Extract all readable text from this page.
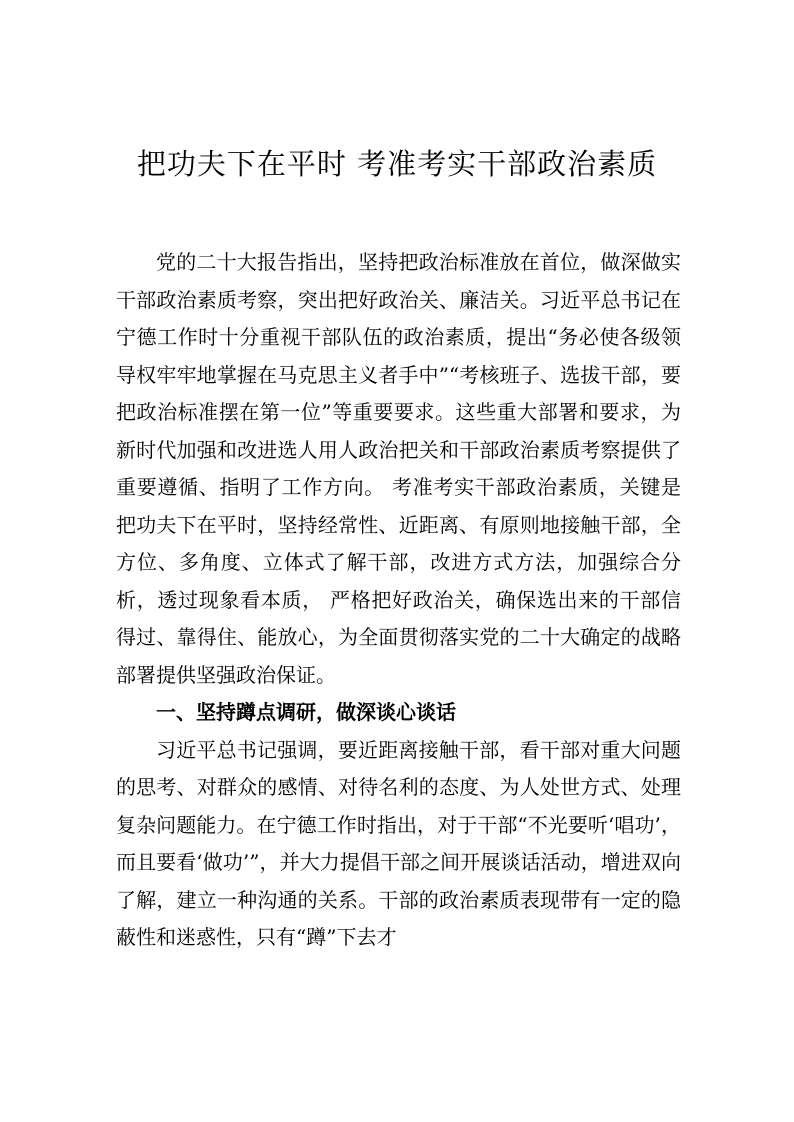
把功夫下在平时 考准考实干部政治素质

党的二十大报告指出，坚持把政治标准放在首位，做深做实干部政治素质考察，突出把好政治关、廉洁关。习近平总书记在宁德工作时十分重视干部队伍的政治素质，提出“务必使各级领导权牢牢地掌握在马克思主义者手中”“考核班子、选拔干部，要把政治标准摆在第一位”等重要要求。这些重大部署和要求，为新时代加强和改进选人用人政治把关和干部政治素质考察提供了重要遵循、指明了工作方向。 考准考实干部政治素质，关键是把功夫下在平时，坚持经常性、近距离、有原则地接触干部，全方位、多角度、立体式了解干部，改进方式方法，加强综合分析，透过现象看本质， 严格把好政治关，确保选出来的干部信得过、靠得住、能放心，为全面贯彻落实党的二十大确定的战略部署提供坚强政治保证。

一、坚持蹲点调研，做深谈心谈话

习近平总书记强调，要近距离接触干部，看干部对重大问题的思考、对群众的感情、对待名利的态度、为人处世方式、处理复杂问题能力。在宁德工作时指出，对于干部“不光要听‘唱功’，而且要看‘做功’”，并大力提倡干部之间开展谈话活动，增进双向了解，建立一种沟通的关系。干部的政治素质表现带有一定的隐蔽性和迷惑性，只有“蹲”下去才
